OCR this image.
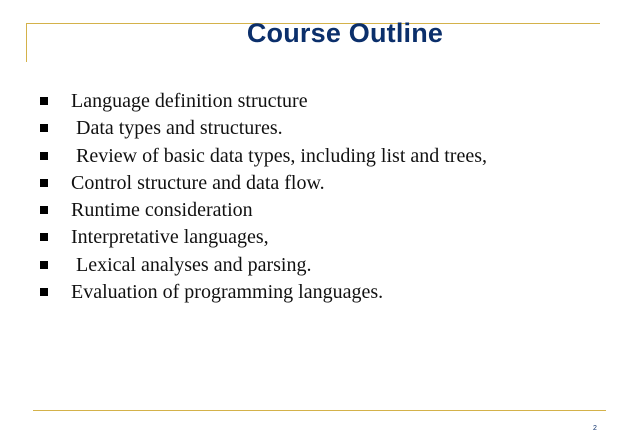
Course Outline

Language definition structure

Data types and structures.

Review of basic data types, including list and trees,

Control structure and data flow.

Runtime consideration

Interpretative languages,

Lexical analyses and parsing.

Evaluation of programming languages.

2
